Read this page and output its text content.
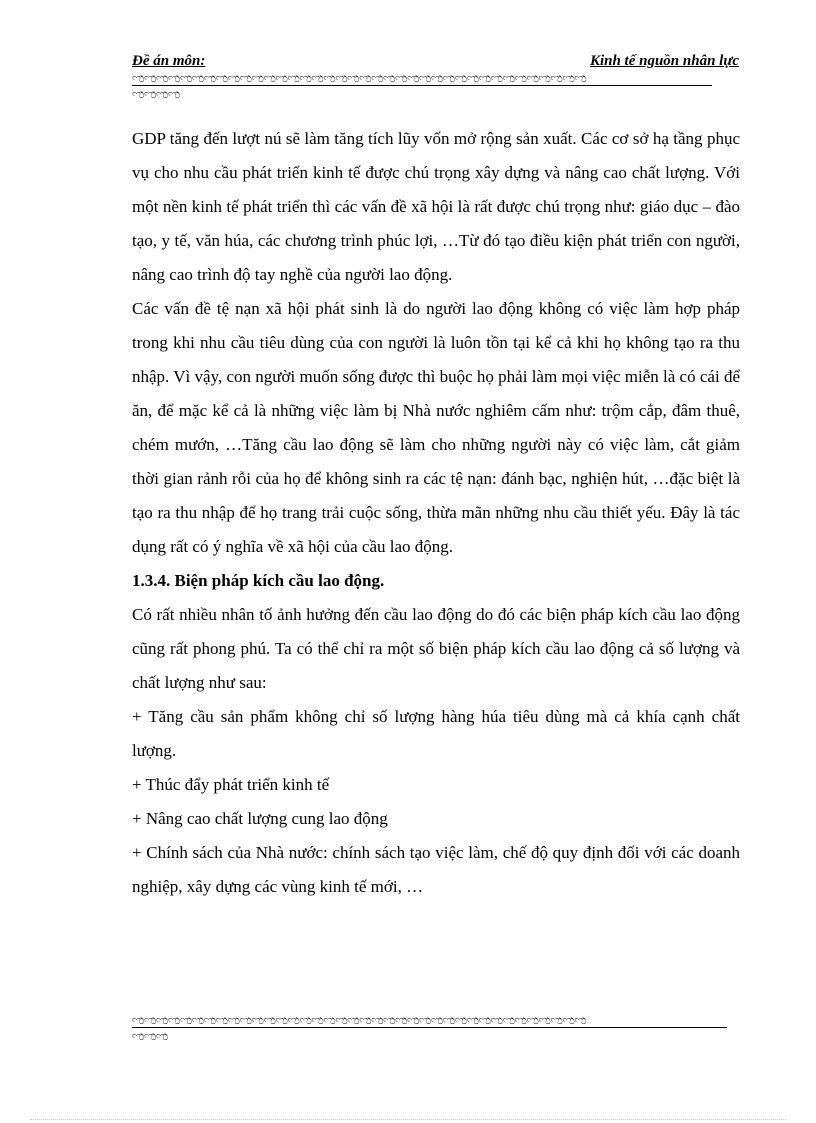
Đề án môn:	Kinh tế nguồn nhân lực
ಌಌಌಌಌಌಌಌಌಌಌಌಌಌಌಌಌಌಌಌಌಌಌಌಌಌಌಌಌಌಌಌಌಌಌಌಌಌ
ಌಌಌಌ

GDP tăng đến lượt nú sẽ làm tăng tích lũy vốn mở rộng sản xuất. Các cơ sở hạ tầng phục vụ cho nhu cầu phát triển kinh tế được chú trọng xây dựng và nâng cao chất lượng. Với một nền kinh tế phát triển thì các vấn đề xã hội là rất được chú trọng như: giáo dục – đào tạo, y tế, văn húa, các chương trình phúc lợi, …Từ đó tạo điều kiện phát triển con người, nâng cao trình độ tay nghề của người lao động.

Các vấn đề tệ nạn xã hội phát sinh là do người lao động không có việc làm hợp pháp trong khi nhu cầu tiêu dùng của con người là luôn tồn tại kể cả khi họ không tạo ra thu nhập. Vì vậy, con người muốn sống được thì buộc họ phải làm mọi việc miễn là có cái để ăn, để mặc kể cả là những việc làm bị Nhà nước nghiêm cấm như: trộm cắp, đâm thuê, chém mướn, …Tăng cầu lao động sẽ làm cho những người này có việc làm, cắt giảm thời gian rảnh rỗi của họ để không sinh ra các tệ nạn: đánh bạc, nghiện hút, …đặc biệt là tạo ra thu nhập để họ trang trải cuộc sống, thừa mãn những nhu cầu thiết yếu. Đây là tác dụng rất có ý nghĩa về xã hội của cầu lao động.

1.3.4. Biện pháp kích cầu lao động.

Có rất nhiều nhân tố ảnh hưởng đến cầu lao động do đó các biện pháp kích cầu lao động cũng rất phong phú. Ta có thể chỉ ra một số biện pháp kích cầu lao động cả số lượng và chất lượng như sau:

+ Tăng cầu sản phẩm không chỉ số lượng hàng húa tiêu dùng mà cả khía cạnh chất lượng.

+ Thúc đẩy phát triển kinh tế

+ Nâng cao chất lượng cung lao động

+ Chính sách của Nhà nước: chính sách tạo việc làm, chế độ quy định đối với các doanh nghiệp, xây dựng các vùng kinh tế mới, …

ಌಌಌಌಌಌಌಌಌಌಌಌಌಌಌಌಌಌಌಌಌಌಌಌಌಌಌಌಌಌಌಌಌಌಌಌಌಌ
ಌಌಌ
